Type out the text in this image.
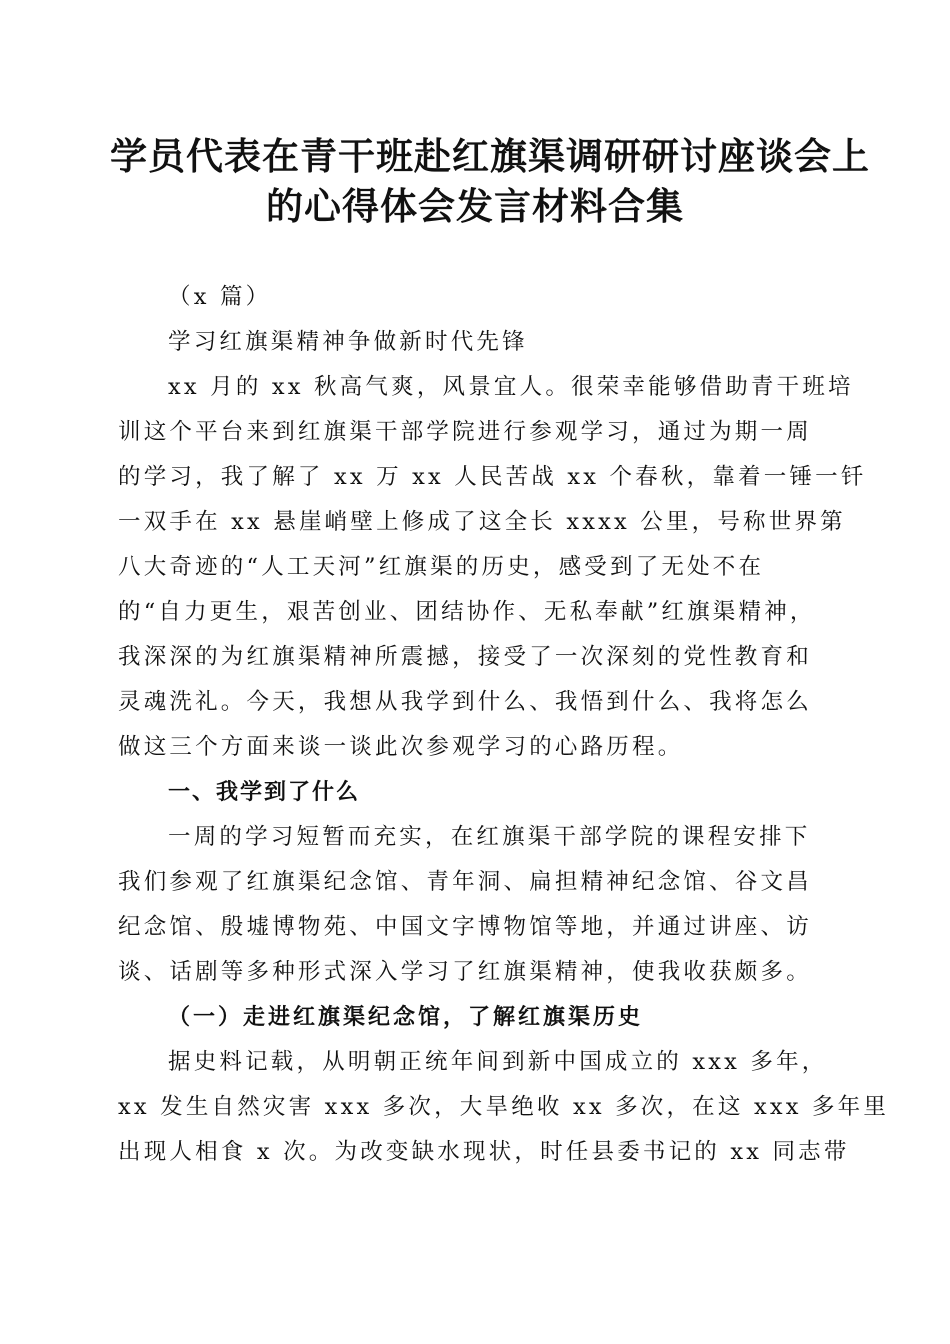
学员代表在青干班赴红旗渠调研研讨座谈会上
的心得体会发言材料合集

（x 篇）

学习红旗渠精神争做新时代先锋

xx 月的 xx 秋高气爽，风景宜人。很荣幸能够借助青干班培
训这个平台来到红旗渠干部学院进行参观学习，通过为期一周
的学习，我了解了 xx 万 xx 人民苦战 xx 个春秋，靠着一锤一钎
一双手在 xx 悬崖峭壁上修成了这全长 xxxx 公里，号称世界第
八大奇迹的“人工天河”红旗渠的历史，感受到了无处不在
的“自力更生，艰苦创业、团结协作、无私奉献”红旗渠精神，
我深深的为红旗渠精神所震撼，接受了一次深刻的党性教育和
灵魂洗礼。今天，我想从我学到什么、我悟到什么、我将怎么
做这三个方面来谈一谈此次参观学习的心路历程。

一、我学到了什么

一周的学习短暂而充实，在红旗渠干部学院的课程安排下
我们参观了红旗渠纪念馆、青年洞、扁担精神纪念馆、谷文昌
纪念馆、殷墟博物苑、中国文字博物馆等地，并通过讲座、访
谈、话剧等多种形式深入学习了红旗渠精神，使我收获颇多。

（一）走进红旗渠纪念馆，了解红旗渠历史

据史料记载，从明朝正统年间到新中国成立的 xxx 多年，
xx 发生自然灾害 xxx 多次，大旱绝收 xx 多次，在这 xxx 多年里
出现人相食 x 次。为改变缺水现状，时任县委书记的 xx 同志带
